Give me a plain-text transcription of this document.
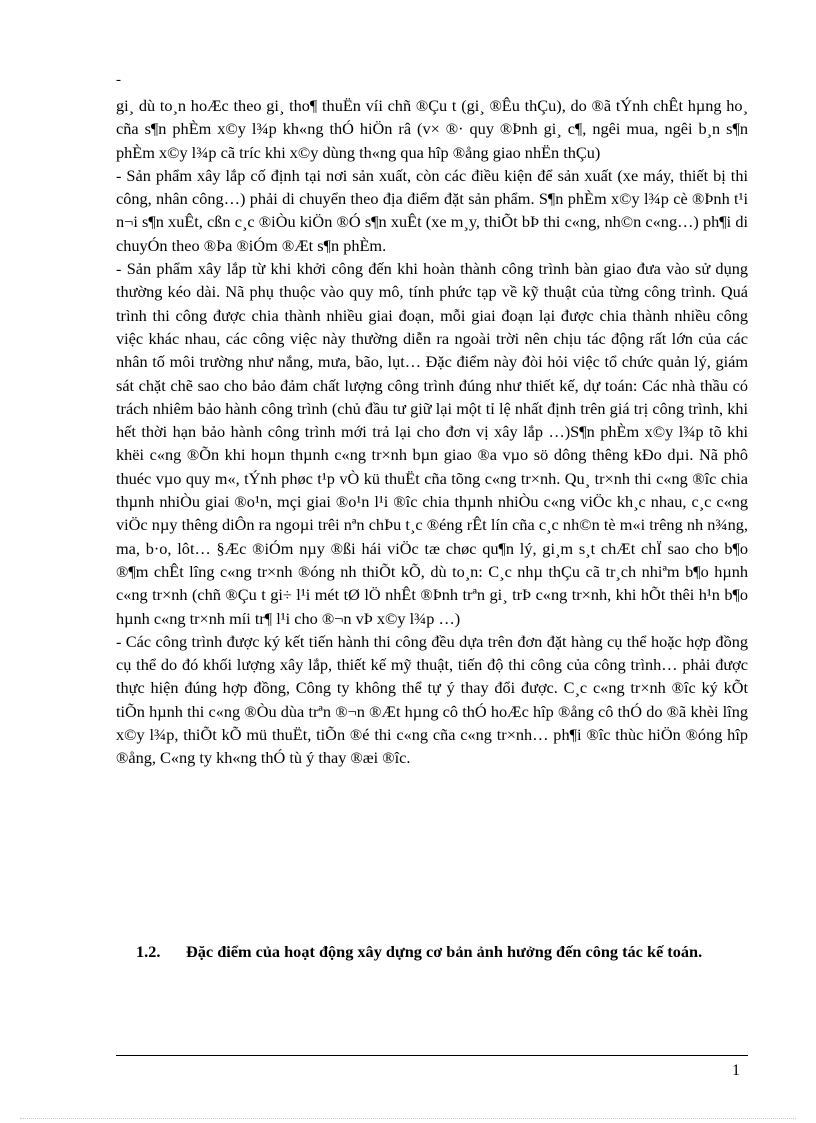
-

gi¸ dù to¸n hoÆc theo gi¸ tho¶ thuËn víi chñ ®Çu t (gi¸ ®Êu thÇu), do ®ã tÝnh chÊt hµng ho¸ cña s¶n phÈm x©y l¾p kh«ng thÓ hiÖn râ (v× ®· quy ®Þnh gi¸ c¶, ngêi mua, ngêi b¸n s¶n phÈm x©y l¾p cã tríc khi x©y dùng th«ng qua hîp ®ång giao nhËn thÇu)

- Sản phẩm xây lắp cố định tại nơi sản xuất, còn các điều kiện để sản xuất (xe máy, thiết bị thi công, nhân công…) phải di chuyển theo địa điểm đặt sản phẩm. S¶n phÈm x©y l¾p cè ®Þnh t¹i n¬i s¶n xuÊt, cßn c¸c ®iÒu kiÖn ®Ó s¶n xuÊt (xe m¸y, thiÕt bÞ thi c«ng, nh©n c«ng…) ph¶i di chuyÓn theo ®Þa ®iÓm ®Æt s¶n phÈm.

- Sản phẩm xây lắp từ khi khởi công đến khi hoàn thành công trình bàn giao đưa vào sử dụng thường kéo dài. Nã phụ thuộc vào quy mô, tính phức tạp về kỹ thuật của từng công trình. Quá trình thi công được chia thành nhiều giai đoạn, mỗi giai đoạn lại được chia thành nhiều công việc khác nhau, các công việc này thường diễn ra ngoài trời nên chịu tác động rất lớn của các nhân tố môi trường như nắng, mưa, bão, lụt… Đặc điểm này đòi hỏi việc tổ chức quản lý, giám sát chặt chẽ sao cho bảo đảm chất lượng công trình đúng như thiết kế, dự toán: Các nhà thầu có trách nhiêm bảo hành công trình (chủ đầu tư giữ lại một tỉ lệ nhất định trên giá trị công trình, khi hết thời hạn bảo hành công trình mới trả lại cho đơn vị xây lắp …)S¶n phÈm x©y l¾p tõ khi khëi c«ng ®Õn khi hoµn thµnh c«ng tr×nh bµn giao ®a vµo sö dông thêng kÐo dµi. Nã phô thuéc vµo quy m«, tÝnh phøc t¹p vÒ kü thuËt cña tõng c«ng tr×nh. Qu¸ tr×nh thi c«ng ®îc chia thµnh nhiÒu giai ®o¹n, mçi giai ®o¹n l¹i ®îc chia thµnh nhiÒu c«ng viÖc kh¸c nhau, c¸c c«ng viÖc nµy thêng diÔn ra ngoµi trêi nªn chÞu t¸c ®éng rÊt lín cña c¸c nh©n tè m«i trêng nh n¾ng, ma, b·o, lôt… §Æc ®iÓm nµy ®ßi hái viÖc tæ chøc qu¶n lý, gi¸m s¸t chÆt chÏ sao cho b¶o ®¶m chÊt lîng c«ng tr×nh ®óng nh thiÕt kÕ, dù to¸n: C¸c nhµ thÇu cã tr¸ch nhiªm b¶o hµnh c«ng tr×nh (chñ ®Çu t gi÷ l¹i mét tØ lÖ nhÊt ®Þnh trªn gi¸ trÞ c«ng tr×nh, khi hÕt thêi h¹n b¶o hµnh c«ng tr×nh míi tr¶ l¹i cho ®¬n vÞ x©y l¾p …)

- Các công trình được ký kết tiến hành thi công đều dựa trên đơn đặt hàng cụ thể hoặc hợp đồng cụ thể do đó khối lượng xây lắp, thiết kế mỹ thuật, tiến độ thi công của công trình… phải được thực hiện đúng hợp đồng, Công ty không thể tự ý thay đổi được. C¸c c«ng tr×nh ®îc ký kÕt tiÕn hµnh thi c«ng ®Òu dùa trªn ®¬n ®Æt hµng cô thÓ hoÆc hîp ®ång cô thÓ do ®ã khèi lîng x©y l¾p, thiÕt kÕ mü thuËt, tiÕn ®é thi c«ng cña c«ng tr×nh… ph¶i ®îc thùc hiÖn ®óng hîp ®ång, C«ng ty kh«ng thÓ tù ý thay ®æi ®îc.

1.2. Đặc điểm của hoạt động xây dựng cơ bản ảnh hưởng đến công tác kế toán.
1
